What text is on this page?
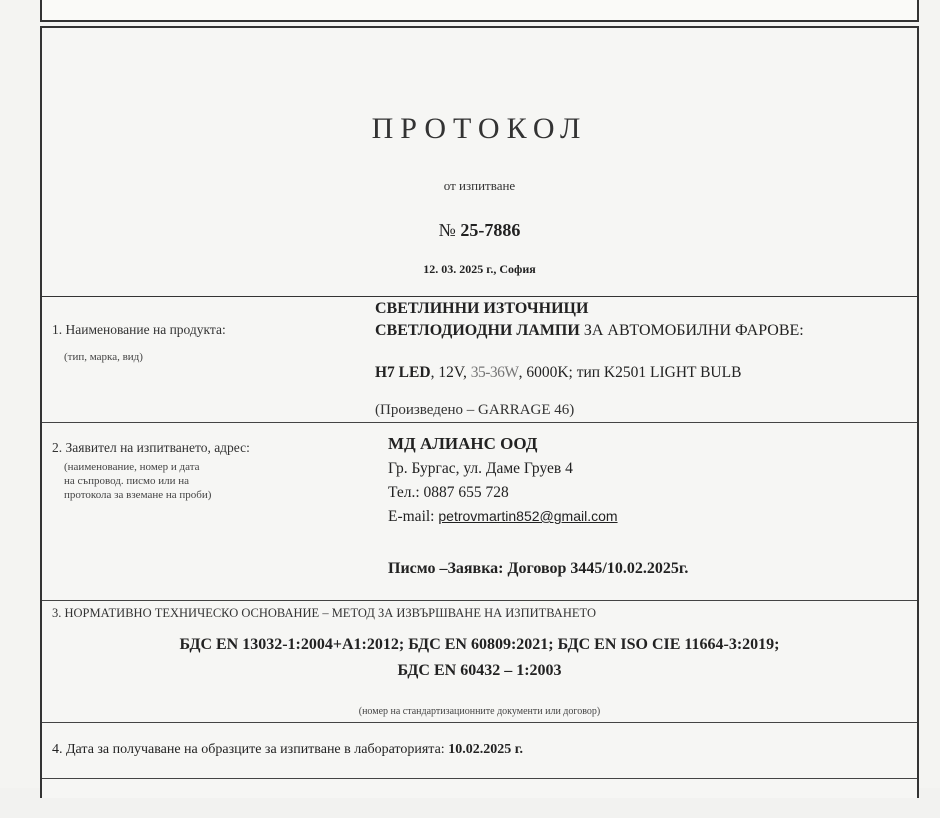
ПРОТОКОЛ
от изпитване
№ 25-7886
12. 03. 2025 г., София
1. Наименование на продукта:
(тип, марка, вид)
СВЕТЛИННИ ИЗТОЧНИЦИ
СВЕТЛОДИОДНИ ЛАМПИ ЗА АВТОМОБИЛНИ ФАРОВЕ:
H7 LED, 12V, 35-36W, 6000K; тип K2501 LIGHT BULB
(Произведено – GARRAGE 46)
2. Заявител на изпитването, адрес:
(наименование, номер и дата
на съпровод. писмо или на
протокола за вземане на проби)
МД АЛИАНС ООД
Гр. Бургас, ул. Даме Груев 4
Тел.: 0887 655 728
E-mail: petrovmartin852@gmail.com
Писмо –Заявка: Договор 3445/10.02.2025г.
3. НОРМАТИВНО ТЕХНИЧЕСКО ОСНОВАНИЕ – МЕТОД ЗА ИЗВЪРШВАНЕ НА ИЗПИТВАНЕТО
БДС EN 13032-1:2004+A1:2012; БДС EN 60809:2021; БДС EN ISO CIE 11664-3:2019;
БДС EN 60432 – 1:2003
(номер на стандартизационните документи или договор)
4. Дата за получаване на образците за изпитване в лабораторията: 10.02.2025 г.
